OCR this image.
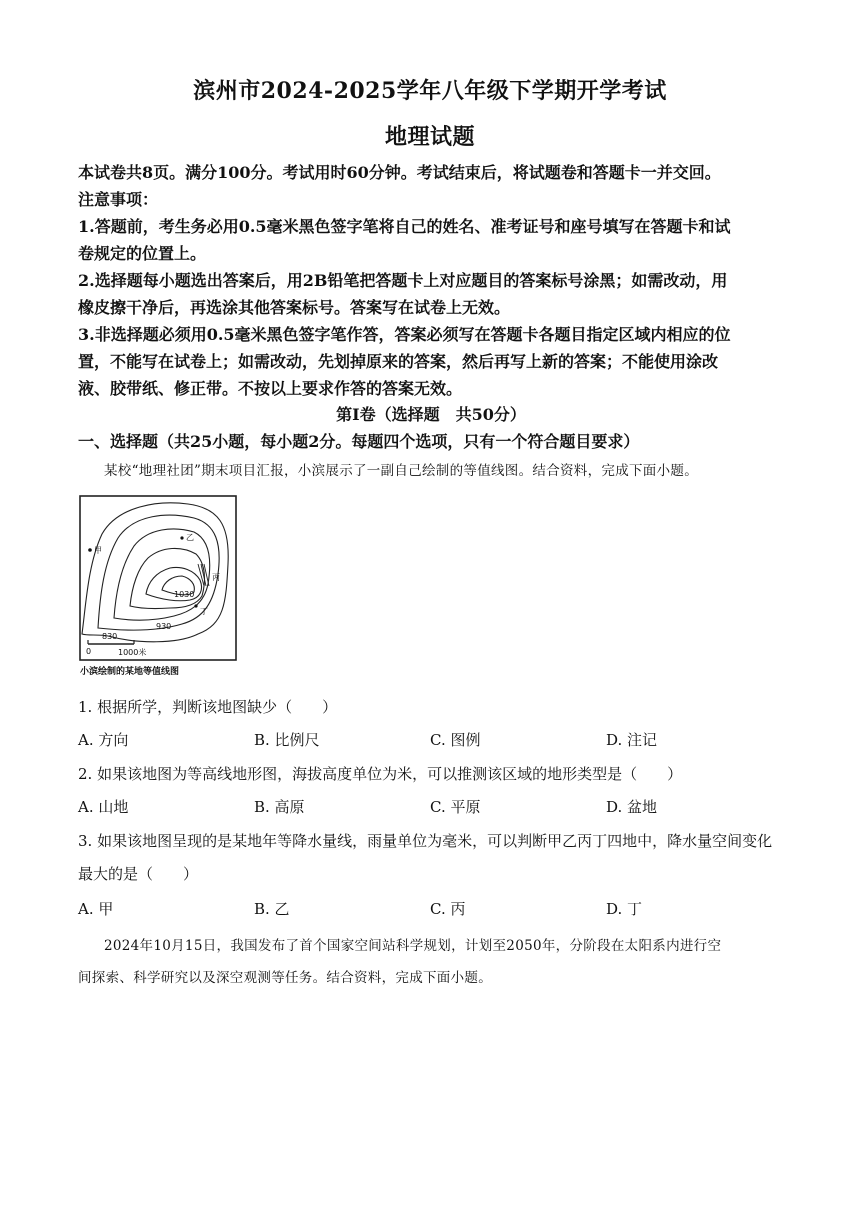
滨州市2024-2025学年八年级下学期开学考试
地理试题
本试卷共8页。满分100分。考试用时60分钟。考试结束后，将试题卷和答题卡一并交回。
注意事项：
1.答题前，考生务必用0.5毫米黑色签字笔将自己的姓名、准考证号和座号填写在答题卡和试
卷规定的位置上。
2.选择题每小题选出答案后，用2B铅笔把答题卡上对应题目的答案标号涂黑；如需改动，用
橡皮擦干净后，再选涂其他答案标号。答案写在试卷上无效。
3.非选择题必须用0.5毫米黑色签字笔作答，答案必须写在答题卡各题目指定区域内相应的位
置，不能写在试卷上；如需改动，先划掉原来的答案，然后再写上新的答案；不能使用涂改
液、胶带纸、修正带。不按以上要求作答的答案无效。
第Ⅰ卷（选择题　共50分）
一、选择题（共25小题，每小题2分。每题四个选项，只有一个符合题目要求）
某校“地理社团”期末项目汇报，小滨展示了一副自己绘制的等值线图。结合资料，完成下面小题。
甲
乙
丙
丁
1030
930
830
0	1000米
小滨绘制的某地等值线图
1. 根据所学，判断该地图缺少（　　）
A. 方向	B. 比例尺	C. 图例	D. 注记
2. 如果该地图为等高线地形图，海拔高度单位为米，可以推测该区域的地形类型是（　　）
A. 山地	B. 高原	C. 平原	D. 盆地
3. 如果该地图呈现的是某地年等降水量线，雨量单位为毫米，可以判断甲乙丙丁四地中，降水量空间变化
最大的是（　　）
A. 甲	B. 乙	C. 丙	D. 丁
2024年10月15日，我国发布了首个国家空间站科学规划，计划至2050年，分阶段在太阳系内进行空
间探索、科学研究以及深空观测等任务。结合资料，完成下面小题。
